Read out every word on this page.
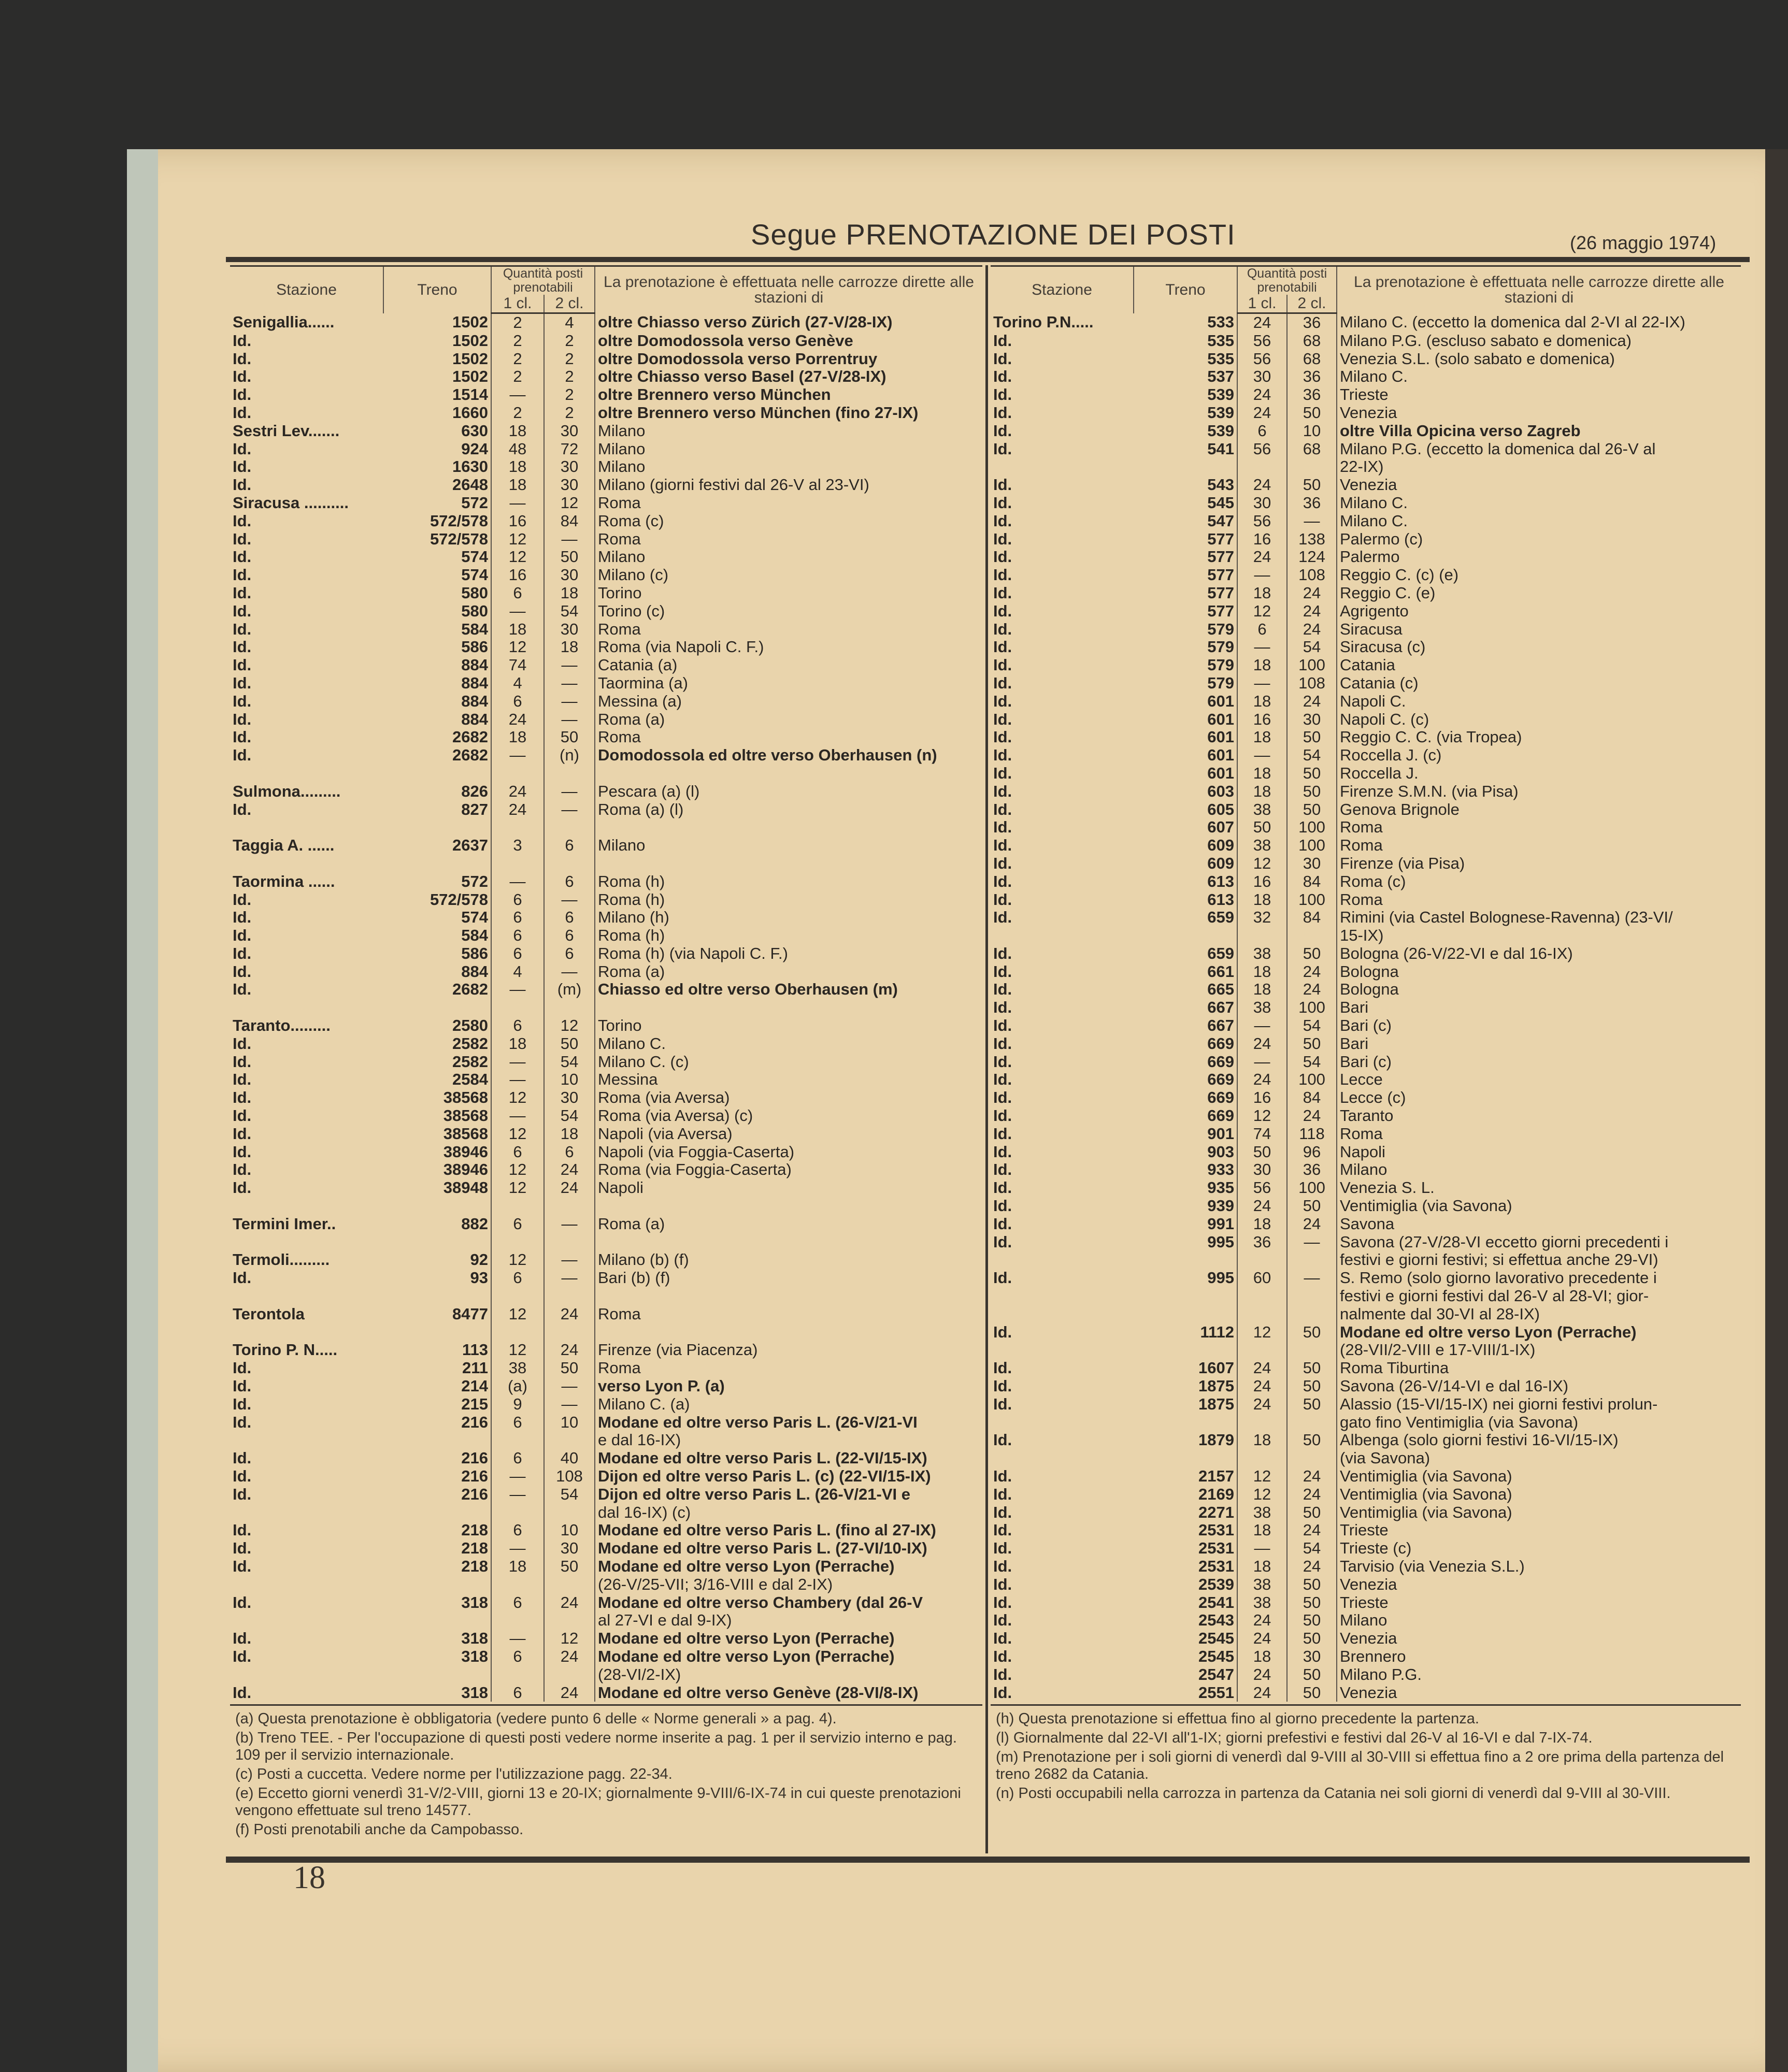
Segue PRENOTAZIONE DEI POSTI	(26 maggio 1974)
Stazione	Treno	Quantità posti prenotabili		La prenotazione è effettuata nelle carrozze dirette alle stazioni di
		1 cl.	2 cl.	
Senigallia......	1502	2	4	oltre Chiasso verso Zürich (27-V/28-IX)
Id.	1502	2	2	oltre Domodossola verso Genève
Id.	1502	2	2	oltre Domodossola verso Porrentruy
Id.	1502	2	2	oltre Chiasso verso Basel (27-V/28-IX)
Id.	1514	—	2	oltre Brennero verso München
Id.	1660	2	2	oltre Brennero verso München (fino 27-IX)
Sestri Lev.......	630	18	30	Milano
Id.	924	48	72	Milano
Id.	1630	18	30	Milano
Id.	2648	18	30	Milano (giorni festivi dal 26-V al 23-VI)
Siracusa ..........	572	—	12	Roma
Id.	572/578	16	84	Roma (c)
Id.	572/578	12	—	Roma
Id.	574	12	50	Milano
Id.	574	16	30	Milano (c)
Id.	580	6	18	Torino
Id.	580	—	54	Torino (c)
Id.	584	18	30	Roma
Id.	586	12	18	Roma (via Napoli C. F.)
Id.	884	74	—	Catania (a)
Id.	884	4	—	Taormina (a)
Id.	884	6	—	Messina (a)
Id.	884	24	—	Roma (a)
Id.	2682	18	50	Roma
Id.	2682	—	(n)	Domodossola ed oltre verso Oberhausen (n)

Sulmona.........	826	24	—	Pescara (a) (l)
Id.	827	24	—	Roma (a) (l)

Taggia A. ......	2637	3	6	Milano

Taormina ......	572	—	6	Roma (h)
Id.	572/578	6	—	Roma (h)
Id.	574	6	6	Milano (h)
Id.	584	6	6	Roma (h)
Id.	586	6	6	Roma (h) (via Napoli C. F.)
Id.	884	4	—	Roma (a)
Id.	2682	—	(m)	Chiasso ed oltre verso Oberhausen (m)

Taranto.........	2580	6	12	Torino
Id.	2582	18	50	Milano C.
Id.	2582	—	54	Milano C. (c)
Id.	2584	—	10	Messina
Id.	38568	12	30	Roma (via Aversa)
Id.	38568	—	54	Roma (via Aversa) (c)
Id.	38568	12	18	Napoli (via Aversa)
Id.	38946	6	6	Napoli (via Foggia-Caserta)
Id.	38946	12	24	Roma (via Foggia-Caserta)
Id.	38948	12	24	Napoli

Termini Imer..	882	6	—	Roma (a)

Termoli.........	92	12	—	Milano (b) (f)
Id.	93	6	—	Bari (b) (f)

Terontola	8477	12	24	Roma

Torino P. N.....	113	12	24	Firenze (via Piacenza)
Id.	211	38	50	Roma
Id.	214	(a)	—	verso Lyon P. (a)
Id.	215	9	—	Milano C. (a)
Id.	216	6	10	Modane ed oltre verso Paris L. (26-V/21-VI
				e dal 16-IX)
Id.	216	6	40	Modane ed oltre verso Paris L. (22-VI/15-IX)
Id.	216	—	108	Dijon ed oltre verso Paris L. (c) (22-VI/15-IX)
Id.	216	—	54	Dijon ed oltre verso Paris L. (26-V/21-VI e
				dal 16-IX) (c)
Id.	218	6	10	Modane ed oltre verso Paris L. (fino al 27-IX)
Id.	218	—	30	Modane ed oltre verso Paris L. (27-VI/10-IX)
Id.	218	18	50	Modane ed oltre verso Lyon (Perrache)
				(26-V/25-VII; 3/16-VIII e dal 2-IX)
Id.	318	6	24	Modane ed oltre verso Chambery (dal 26-V
				al 27-VI e dal 9-IX)
Id.	318	—	12	Modane ed oltre verso Lyon (Perrache)
Id.	318	6	24	Modane ed oltre verso Lyon (Perrache)
				(28-VI/2-IX)
Id.	318	6	24	Modane ed oltre verso Genève (28-VI/8-IX)
Stazione	Treno	Quantità posti prenotabili		La prenotazione è effettuata nelle carrozze dirette alle stazioni di
		1 cl.	2 cl.	
Torino P.N.....	533	24	36	Milano C. (eccetto la domenica dal 2-VI al 22-IX)
Id.	535	56	68	Milano P.G. (escluso sabato e domenica)
Id.	535	56	68	Venezia S.L. (solo sabato e domenica)
Id.	537	30	36	Milano C.
Id.	539	24	36	Trieste
Id.	539	24	50	Venezia
Id.	539	6	10	oltre Villa Opicina verso Zagreb
Id.	541	56	68	Milano P.G. (eccetto la domenica dal 26-V al
				22-IX)
Id.	543	24	50	Venezia
Id.	545	30	36	Milano C.
Id.	547	56	—	Milano C.
Id.	577	16	138	Palermo (c)
Id.	577	24	124	Palermo
Id.	577	—	108	Reggio C. (c) (e)
Id.	577	18	24	Reggio C. (e)
Id.	577	12	24	Agrigento
Id.	579	6	24	Siracusa
Id.	579	—	54	Siracusa (c)
Id.	579	18	100	Catania
Id.	579	—	108	Catania (c)
Id.	601	18	24	Napoli C.
Id.	601	16	30	Napoli C. (c)
Id.	601	18	50	Reggio C. C. (via Tropea)
Id.	601	—	54	Roccella J. (c)
Id.	601	18	50	Roccella J.
Id.	603	18	50	Firenze S.M.N. (via Pisa)
Id.	605	38	50	Genova Brignole
Id.	607	50	100	Roma
Id.	609	38	100	Roma
Id.	609	12	30	Firenze (via Pisa)
Id.	613	16	84	Roma (c)
Id.	613	18	100	Roma
Id.	659	32	84	Rimini (via Castel Bolognese-Ravenna) (23-VI/
				15-IX)
Id.	659	38	50	Bologna (26-V/22-VI e dal 16-IX)
Id.	661	18	24	Bologna
Id.	665	18	24	Bologna
Id.	667	38	100	Bari
Id.	667	—	54	Bari (c)
Id.	669	24	50	Bari
Id.	669	—	54	Bari (c)
Id.	669	24	100	Lecce
Id.	669	16	84	Lecce (c)
Id.	669	12	24	Taranto
Id.	901	74	118	Roma
Id.	903	50	96	Napoli
Id.	933	30	36	Milano
Id.	935	56	100	Venezia S. L.
Id.	939	24	50	Ventimiglia (via Savona)
Id.	991	18	24	Savona
Id.	995	36	—	Savona (27-V/28-VI eccetto giorni precedenti i
				festivi e giorni festivi; si effettua anche 29-VI)
Id.	995	60	—	S. Remo (solo giorno lavorativo precedente i
				festivi e giorni festivi dal 26-V al 28-VI; gior-
				nalmente dal 30-VI al 28-IX)
Id.	1112	12	50	Modane ed oltre verso Lyon (Perrache)
				(28-VII/2-VIII e 17-VIII/1-IX)
Id.	1607	24	50	Roma Tiburtina
Id.	1875	24	50	Savona (26-V/14-VI e dal 16-IX)
Id.	1875	24	50	Alassio (15-VI/15-IX) nei giorni festivi prolun-
				gato fino Ventimiglia (via Savona)
Id.	1879	18	50	Albenga (solo giorni festivi 16-VI/15-IX)
				(via Savona)
Id.	2157	12	24	Ventimiglia (via Savona)
Id.	2169	12	24	Ventimiglia (via Savona)
Id.	2271	38	50	Ventimiglia (via Savona)
Id.	2531	18	24	Trieste
Id.	2531	—	54	Trieste (c)
Id.	2531	18	24	Tarvisio (via Venezia S.L.)
Id.	2539	38	50	Venezia
Id.	2541	38	50	Trieste
Id.	2543	24	50	Milano
Id.	2545	24	50	Venezia
Id.	2545	18	30	Brennero
Id.	2547	24	50	Milano P.G.
Id.	2551	24	50	Venezia
(a) Questa prenotazione è obbligatoria (vedere punto 6 delle « Norme generali » a pag. 4).
(b) Treno TEE. - Per l'occupazione di questi posti vedere norme inserite a pag. 1 per il servizio interno e pag. 109 per il servizio internazionale.
(c) Posti a cuccetta. Vedere norme per l'utilizzazione pagg. 22-34.
(e) Eccetto giorni venerdì 31-V/2-VIII, giorni 13 e 20-IX; giornalmente 9-VIII/6-IX-74 in cui queste prenotazioni vengono effettuate sul treno 14577.
(f) Posti prenotabili anche da Campobasso.
(h) Questa prenotazione si effettua fino al giorno precedente la partenza.
(l) Giornalmente dal 22-VI all'1-IX; giorni prefestivi e festivi dal 26-V al 16-VI e dal 7-IX-74.
(m) Prenotazione per i soli giorni di venerdì dal 9-VIII al 30-VIII si effettua fino a 2 ore prima della partenza del treno 2682 da Catania.
(n) Posti occupabili nella carrozza in partenza da Catania nei soli giorni di venerdì dal 9-VIII al 30-VIII.
18
